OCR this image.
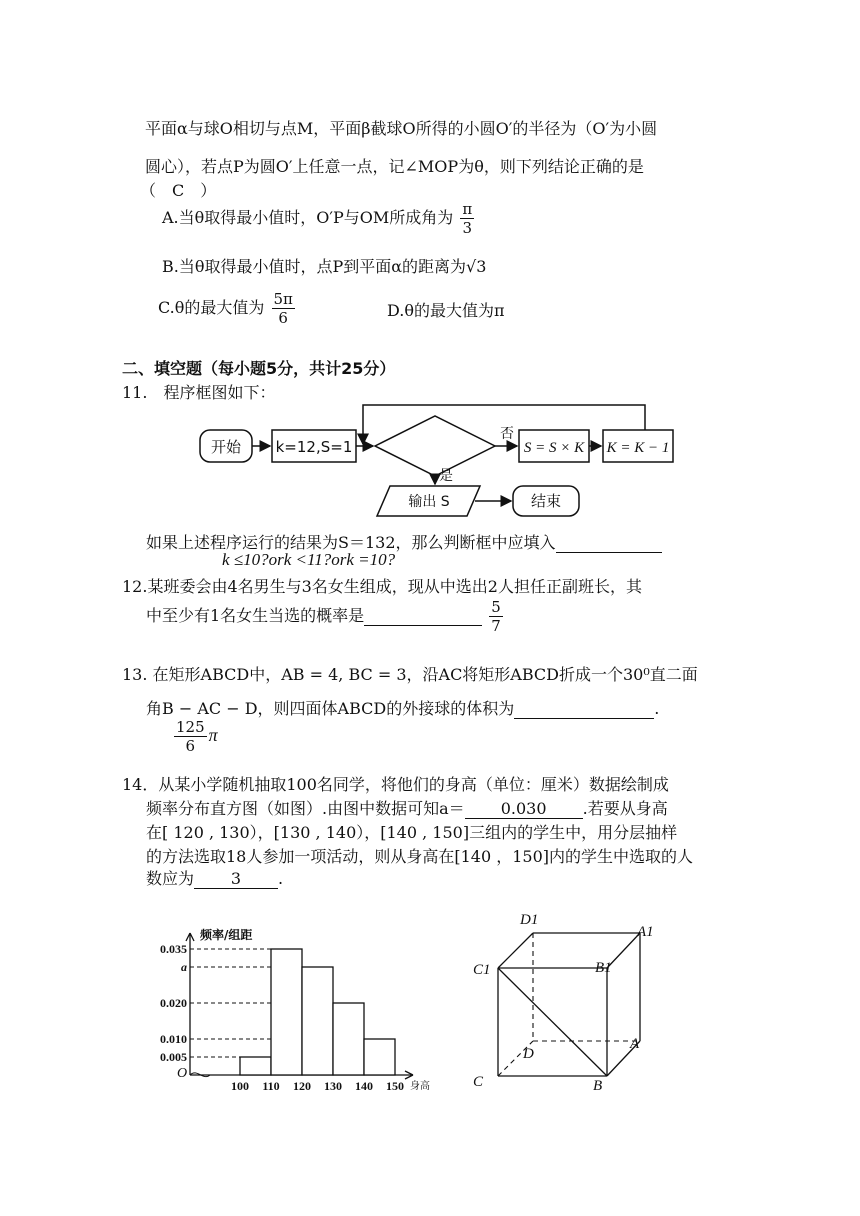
平面α与球O相切与点M，平面β截球O所得的小圆O′的半径为（O′为小圆
圆心），若点P为圆O′上任意一点，记∠MOP为θ，则下列结论正确的是
（　C　）
A.当θ取得最小值时，O′P与OM所成角为 $\frac{\pi}{3}$
B.当θ取得最小值时，点P到平面α的距离为√3
C.θ的最大值为 $\frac{5\pi}{6}$	D.θ的最大值为π
二、填空题（每小题5分，共计25分）
11.　程序框图如下：
开始 k=12,S=1
否
是
S = S × K K = K − 1
输出 S	结束
如果上述程序运行的结果为S＝132，那么判断框中应填入
k ≤10?ork <11?ork =10?
12.某班委会由4名男生与3名女生组成，现从中选出2人担任正副班长，其
中至少有1名女生当选的概率是	$\frac{5}{7}$
13. 在矩形ABCD中，AB = 4, BC = 3，沿AC将矩形ABCD折成一个30⁰直二面
角B − AC − D，则四面体ABCD的外接球的体积为	.
$\frac{125}{6}$ π
14．从某小学随机抽取100名同学，将他们的身高（单位：厘米）数据绘制成
频率分布直方图（如图）.由图中数据可知a＝ 0.030 .若要从身高
在[ 120 , 130），[130 , 140），[140 , 150]三组内的学生中，用分层抽样
的方法选取18人参加一项活动，则从身高在[140 ，150]内的学生中选取的人
数应为 3 .
0.035
a
0.020
0.010
0.005
100 110 120 130 140 150
频率/组距
身高
O
D1
A1
C1	B1
D
A
C	B
